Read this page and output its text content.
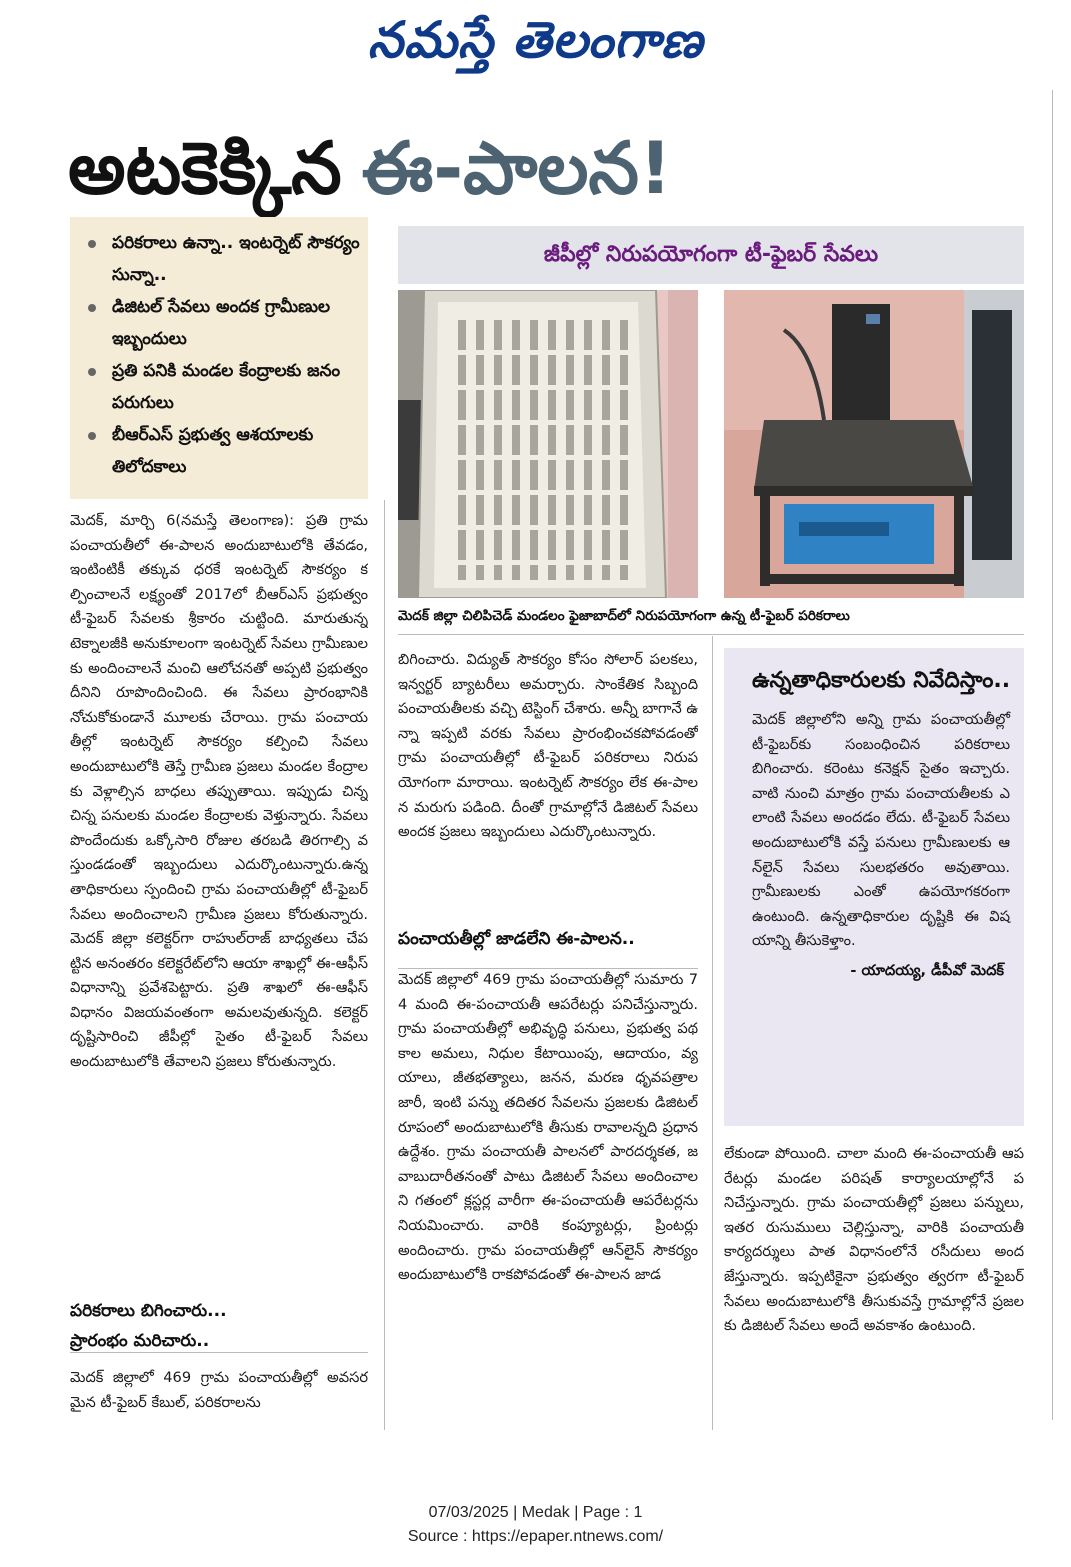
నమస్తే తెలంగాణ
అటకెక్కిన ఈ-పాలన!
పరికరాలు ఉన్నా.. ఇంటర్నెట్ సౌకర్యం సున్నా..
డిజిటల్ సేవలు అందక గ్రామీణుల ఇబ్బందులు
ప్రతి పనికి మండల కేంద్రాలకు జనం పరుగులు
బీఆర్ఎస్ ప్రభుత్వ ఆశయాలకు తిలోదకాలు
జీపీల్లో నిరుపయోగంగా టీ-ఫైబర్ సేవలు
మెదక్ జిల్లా చిలిపిచెడ్ మండలం ఫైజాబాద్‌లో నిరుపయోగంగా ఉన్న టీ-ఫైబర్ పరికరాలు

మెదక్, మార్చి 6(నమస్తే తెలంగాణ): ప్రతి గ్రామ పంచాయతీలో ఈ-పాలన అందుబాటులోకి తేవడం, ఇంటింటికీ తక్కువ ధరకే ఇంటర్నెట్ సౌకర్యం కల్పించాలనే లక్ష్యంతో 2017లో బీఆర్ఎస్ ప్రభుత్వం టీ-ఫైబర్ సేవలకు శ్రీకారం చుట్టింది. మారుతున్న టెక్నాలజీకి అనుకూలంగా ఇంటర్నెట్ సేవలు గ్రామీణులకు అందించాలనే మంచి ఆలోచనతో అప్పటి ప్రభుత్వం దీనిని రూపొందించింది. ఈ సేవలు ప్రారంభానికి నోచుకోకుండానే మూలకు చేరాయి. గ్రామ పంచాయతీల్లో ఇంటర్నెట్ సౌకర్యం కల్పించి సేవలు అందుబాటులోకి తెస్తే గ్రామీణ ప్రజలు మండల కేంద్రాలకు వెళ్లాల్సిన బాధలు తప్పుతాయి. ఇప్పుడు చిన్న చిన్న పనులకు మండల కేంద్రాలకు వెళ్తున్నారు. సేవలు పొందేందుకు ఒక్కోసారి రోజుల తరబడి తిరగాల్సి వస్తుండడంతో ఇబ్బందులు ఎదుర్కొంటున్నారు.ఉన్నతాధికారులు స్పందించి గ్రామ పంచాయతీల్లో టీ-ఫైబర్ సేవలు అందించాలని గ్రామీణ ప్రజలు కోరుతున్నారు. మెదక్ జిల్లా కలెక్టర్‌గా రాహుల్‌రాజ్ బాధ్యతలు చేపట్టిన అనంతరం కలెక్టరేట్‌లోని ఆయా శాఖల్లో ఈ-ఆఫీస్ విధానాన్ని ప్రవేశపెట్టారు. ప్రతి శాఖలో ఈ-ఆఫీస్ విధానం విజయవంతంగా అమలవుతున్నది. కలెక్టర్ దృష్టిసారించి జీపీల్లో సైతం టీ-ఫైబర్ సేవలు అందుబాటులోకి తేవాలని ప్రజలు కోరుతున్నారు.

పరికరాలు బిగించారు...
ప్రారంభం మరిచారు..

మెదక్ జిల్లాలో 469 గ్రామ పంచాయతీల్లో అవసరమైన టీ-ఫైబర్ కేబుల్, పరికరాలను

బిగించారు. విద్యుత్ సౌకర్యం కోసం సోలార్ పలకలు, ఇన్వర్టర్ బ్యాటరీలు అమర్చారు. సాంకేతిక సిబ్బంది పంచాయతీలకు వచ్చి టెస్టింగ్ చేశారు. అన్నీ బాగానే ఉన్నా ఇప్పటి వరకు సేవలు ప్రారంభించకపోవడంతో గ్రామ పంచాయతీల్లో టీ-ఫైబర్ పరికరాలు నిరుపయోగంగా మారాయి. ఇంటర్నెట్ సౌకర్యం లేక ఈ-పాలన మరుగు పడింది. దీంతో గ్రామాల్లోనే డిజిటల్ సేవలు అందక ప్రజలు ఇబ్బందులు ఎదుర్కొంటున్నారు.

పంచాయతీల్లో జాడలేని ఈ-పాలన..

మెదక్ జిల్లాలో 469 గ్రామ పంచాయతీల్లో సుమారు 74 మంది ఈ-పంచాయతీ ఆపరేటర్లు పనిచేస్తున్నారు. గ్రామ పంచాయతీల్లో అభివృద్ధి పనులు, ప్రభుత్వ పథకాల అమలు, నిధుల కేటాయింపు, ఆదాయం, వ్యయాలు, జీతభత్యాలు, జనన, మరణ ధృవపత్రాల జారీ, ఇంటి పన్ను తదితర సేవలను ప్రజలకు డిజిటల్ రూపంలో అందుబాటులోకి తీసుకు రావాలన్నది ప్రధాన ఉద్దేశం. గ్రామ పంచాయతీ పాలనలో పారదర్శకత, జవాబుదారీతనంతో పాటు డిజిటల్ సేవలు అందించాలని గతంలో క్లస్టర్ల వారీగా ఈ-పంచాయతీ ఆపరేటర్లను నియమించారు. వారికి కంప్యూటర్లు, ప్రింటర్లు అందించారు. గ్రామ పంచాయతీల్లో ఆన్‌లైన్ సౌకర్యం అందుబాటులోకి రాకపోవడంతో ఈ-పాలన జాడ

ఉన్నతాధికారులకు నివేదిస్తాం..
మెదక్ జిల్లాలోని అన్ని గ్రామ పంచాయతీల్లో టీ-ఫైబర్‌కు సంబంధించిన పరికరాలు బిగించారు. కరెంటు కనెక్షన్ సైతం ఇచ్చారు. వాటి నుంచి మాత్రం గ్రామ పంచాయతీలకు ఎలాంటి సేవలు అందడం లేదు. టీ-ఫైబర్ సేవలు అందుబాటులోకి వస్తే పనులు గ్రామీణులకు ఆన్‌లైన్ సేవలు సులభతరం అవుతాయి. గ్రామీణులకు ఎంతో ఉపయోగకరంగా ఉంటుంది. ఉన్నతాధికారుల దృష్టికి ఈ విషయాన్ని తీసుకెళ్తాం.
- యాదయ్య, డీపీవో మెదక్

లేకుండా పోయింది. చాలా మంది ఈ-పంచాయతీ ఆపరేటర్లు మండల పరిషత్ కార్యాలయాల్లోనే పనిచేస్తున్నారు. గ్రామ పంచాయతీల్లో ప్రజలు పన్నులు, ఇతర రుసుములు చెల్లిస్తున్నా, వారికి పంచాయతీ కార్యదర్శులు పాత విధానంలోనే రసీదులు అందజేస్తున్నారు. ఇప్పటికైనా ప్రభుత్వం త్వరగా టీ-ఫైబర్ సేవలు అందుబాటులోకి తీసుకువస్తే గ్రామాల్లోనే ప్రజలకు డిజిటల్ సేవలు అందే అవకాశం ఉంటుంది.

07/03/2025 | Medak | Page : 1
Source : https://epaper.ntnews.com/
